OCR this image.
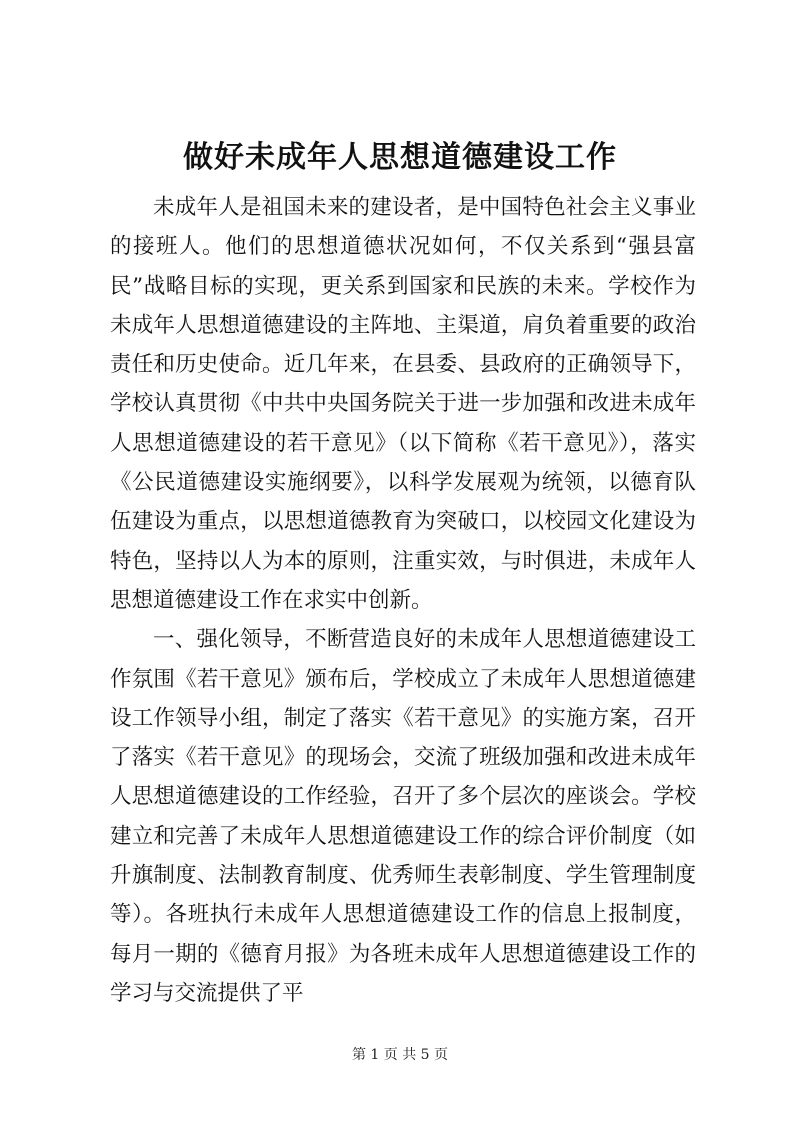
做好未成年人思想道德建设工作

未成年人是祖国未来的建设者，是中国特色社会主义事业的接班人。他们的思想道德状况如何，不仅关系到“强县富民”战略目标的实现，更关系到国家和民族的未来。学校作为未成年人思想道德建设的主阵地、主渠道，肩负着重要的政治责任和历史使命。近几年来，在县委、县政府的正确领导下，学校认真贯彻《中共中央国务院关于进一步加强和改进未成年人思想道德建设的若干意见》（以下简称《若干意见》），落实《公民道德建设实施纲要》，以科学发展观为统领，以德育队伍建设为重点，以思想道德教育为突破口，以校园文化建设为特色，坚持以人为本的原则，注重实效，与时俱进，未成年人思想道德建设工作在求实中创新。

一、强化领导，不断营造良好的未成年人思想道德建设工作氛围《若干意见》颁布后，学校成立了未成年人思想道德建设工作领导小组，制定了落实《若干意见》的实施方案，召开了落实《若干意见》的现场会，交流了班级加强和改进未成年人思想道德建设的工作经验，召开了多个层次的座谈会。学校建立和完善了未成年人思想道德建设工作的综合评价制度（如升旗制度、法制教育制度、优秀师生表彰制度、学生管理制度等）。各班执行未成年人思想道德建设工作的信息上报制度，每月一期的《德育月报》为各班未成年人思想道德建设工作的学习与交流提供了平

第 1 页 共 5 页
